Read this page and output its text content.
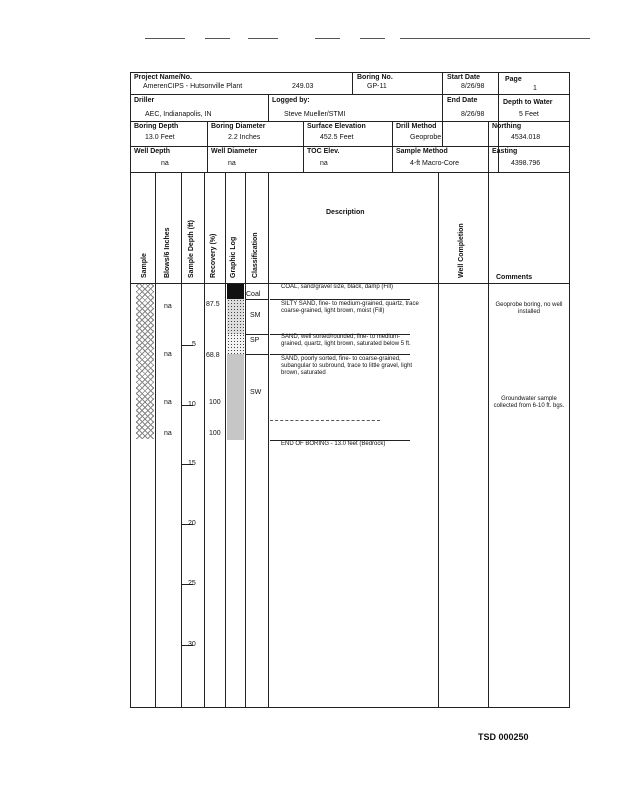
Project Name/No.
AmerenCIPS - Hutsonville Plant	249.03
Boring No.
GP-11
Start Date
8/26/98
Page
1
Driller
AEC, Indianapolis, IN
Logged by:
Steve Mueller/STMI
End Date
8/26/98
Depth to Water
5 Feet
Boring Depth
13.0 Feet
Boring Diameter
2.2 Inches
Surface Elevation
452.5 Feet
Drill Method
Geoprobe
Northing
4534.018
Well Depth
na
Well Diameter
na
TOC Elev.
na
Sample Method
4-ft Macro-Core
Easting
4398.796
Sample Blows/6 Inches Sample Depth (ft) Recovery (%) Graphic Log Classification
Description
Well Completion	Comments
5
10
15
20
25
30
na
na
na
na
87.5
68.8
100
100
Coal
SM
SP
SW
COAL, sand/gravel size, black, damp (Fill)
SILTY SAND, fine- to medium-grained, quartz, trace coarse-grained, light brown, moist (Fill)
SAND, well sorted/rounded, fine- to medium-grained, quartz, light brown, saturated below 5 ft.
SAND, poorly sorted, fine- to coarse-grained, subangular to subround, trace to little gravel, light brown, saturated
END OF BORING - 13.0 feet (Bedrock)
Geoprobe boring, no well installed
Groundwater sample collected from 6-10 ft. bgs.
TSD 000250
